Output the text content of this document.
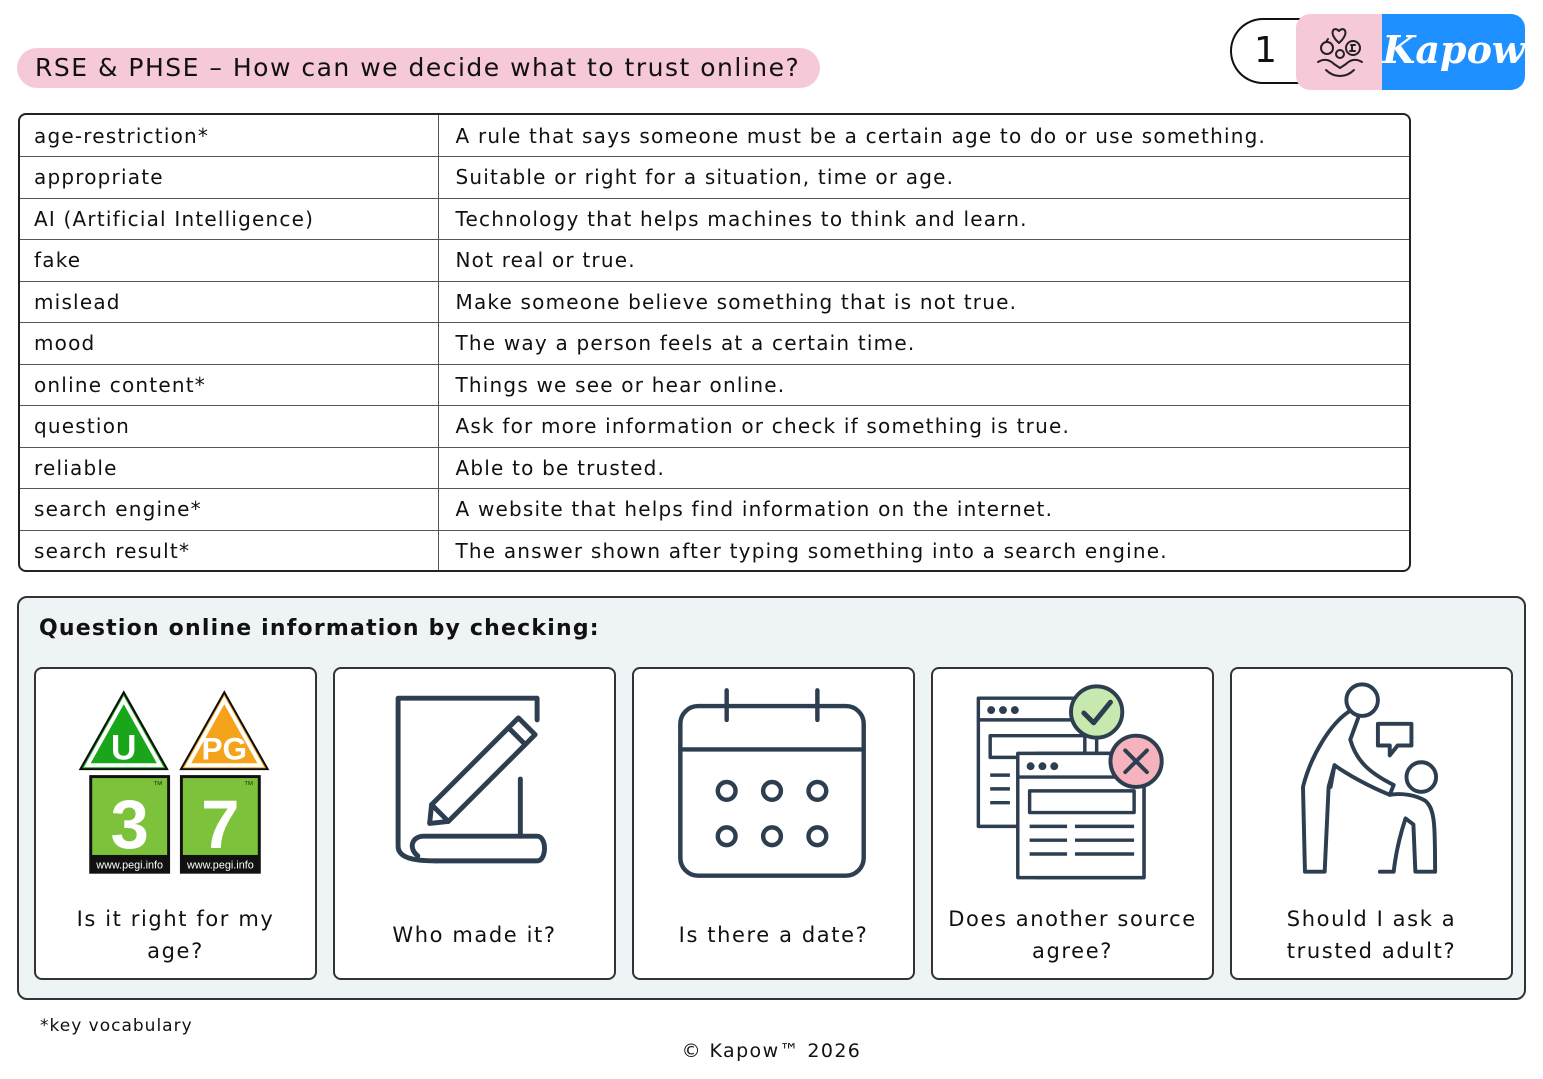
RSE & PHSE – How can we decide what to trust online?	1	Kapow
age-restriction*	A rule that says someone must be a certain age to do or use something.
appropriate	Suitable or right for a situation, time or age.
AI (Artificial Intelligence)	Technology that helps machines to think and learn.
fake	Not real or true.
mislead	Make someone believe something that is not true.
mood	The way a person feels at a certain time.
online content*	Things we see or hear online.
question	Ask for more information or check if something is true.
reliable	Able to be trusted.
search engine*	A website that helps find information on the internet.
search result*	The answer shown after typing something into a search engine.
Question online information by checking:
U PG
3
TM
www.pegi.info
7
TM
www.pegi.info
Is it right for my age?
Who made it?	Is there a date?
Does another source agree?
Should I ask a trusted adult?
*key vocabulary
© Kapow™ 2026
